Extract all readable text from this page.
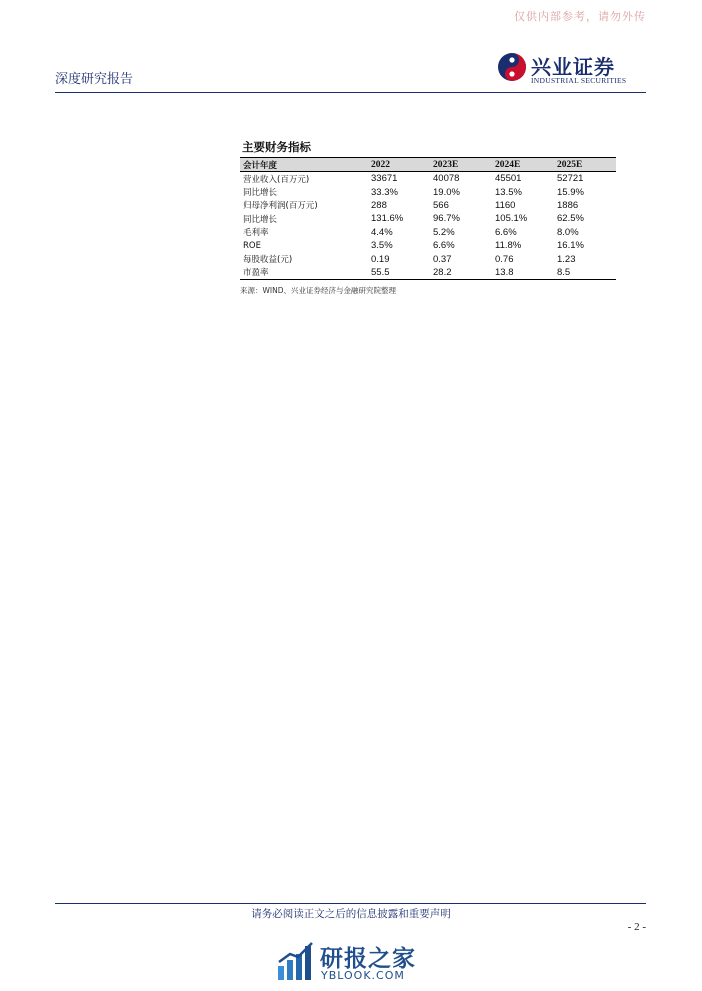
仅供内部参考，请勿外传
深度研究报告
兴业证券
INDUSTRIAL SECURITIES
主要财务指标
会计年度	2022	2023E	2024E	2025E
营业收入(百万元)	33671	40078	45501	52721
同比增长	33.3%	19.0%	13.5%	15.9%
归母净利润(百万元)	288	566	1160	1886
同比增长	131.6%	96.7%	105.1%	62.5%
毛利率	4.4%	5.2%	6.6%	8.0%
ROE	3.5%	6.6%	11.8%	16.1%
每股收益(元)	0.19	0.37	0.76	1.23
市盈率	55.5	28.2	13.8	8.5
来源：WIND、兴业证券经济与金融研究院整理
请务必阅读正文之后的信息披露和重要声明
- 2 -
研报之家
YBLOOK.COM
